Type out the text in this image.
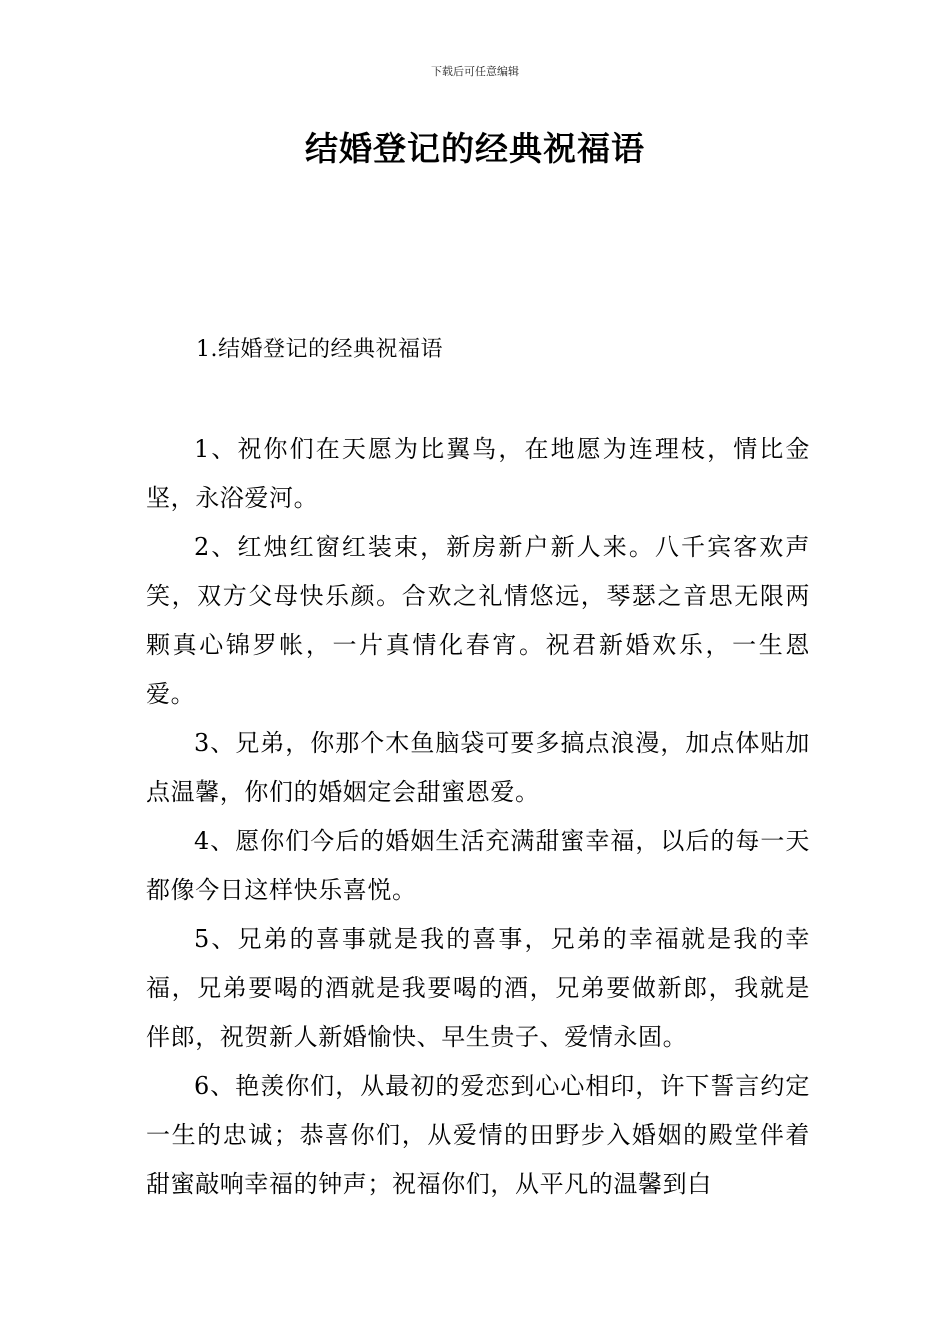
下载后可任意编辑
结婚登记的经典祝福语
1.结婚登记的经典祝福语

1、祝你们在天愿为比翼鸟，在地愿为连理枝，情比金坚，永浴爱河。

2、红烛红窗红装束，新房新户新人来。八千宾客欢声笑，双方父母快乐颜。合欢之礼情悠远，琴瑟之音思无限两颗真心锦罗帐，一片真情化春宵。祝君新婚欢乐，一生恩爱。

3、兄弟，你那个木鱼脑袋可要多搞点浪漫，加点体贴加点温馨，你们的婚姻定会甜蜜恩爱。

4、愿你们今后的婚姻生活充满甜蜜幸福，以后的每一天都像今日这样快乐喜悦。

5、兄弟的喜事就是我的喜事，兄弟的幸福就是我的幸福，兄弟要喝的酒就是我要喝的酒，兄弟要做新郎，我就是伴郎，祝贺新人新婚愉快、早生贵子、爱情永固。

6、艳羡你们，从最初的爱恋到心心相印，许下誓言约定一生的忠诚；恭喜你们，从爱情的田野步入婚姻的殿堂伴着甜蜜敲响幸福的钟声；祝福你们，从平凡的温馨到白
